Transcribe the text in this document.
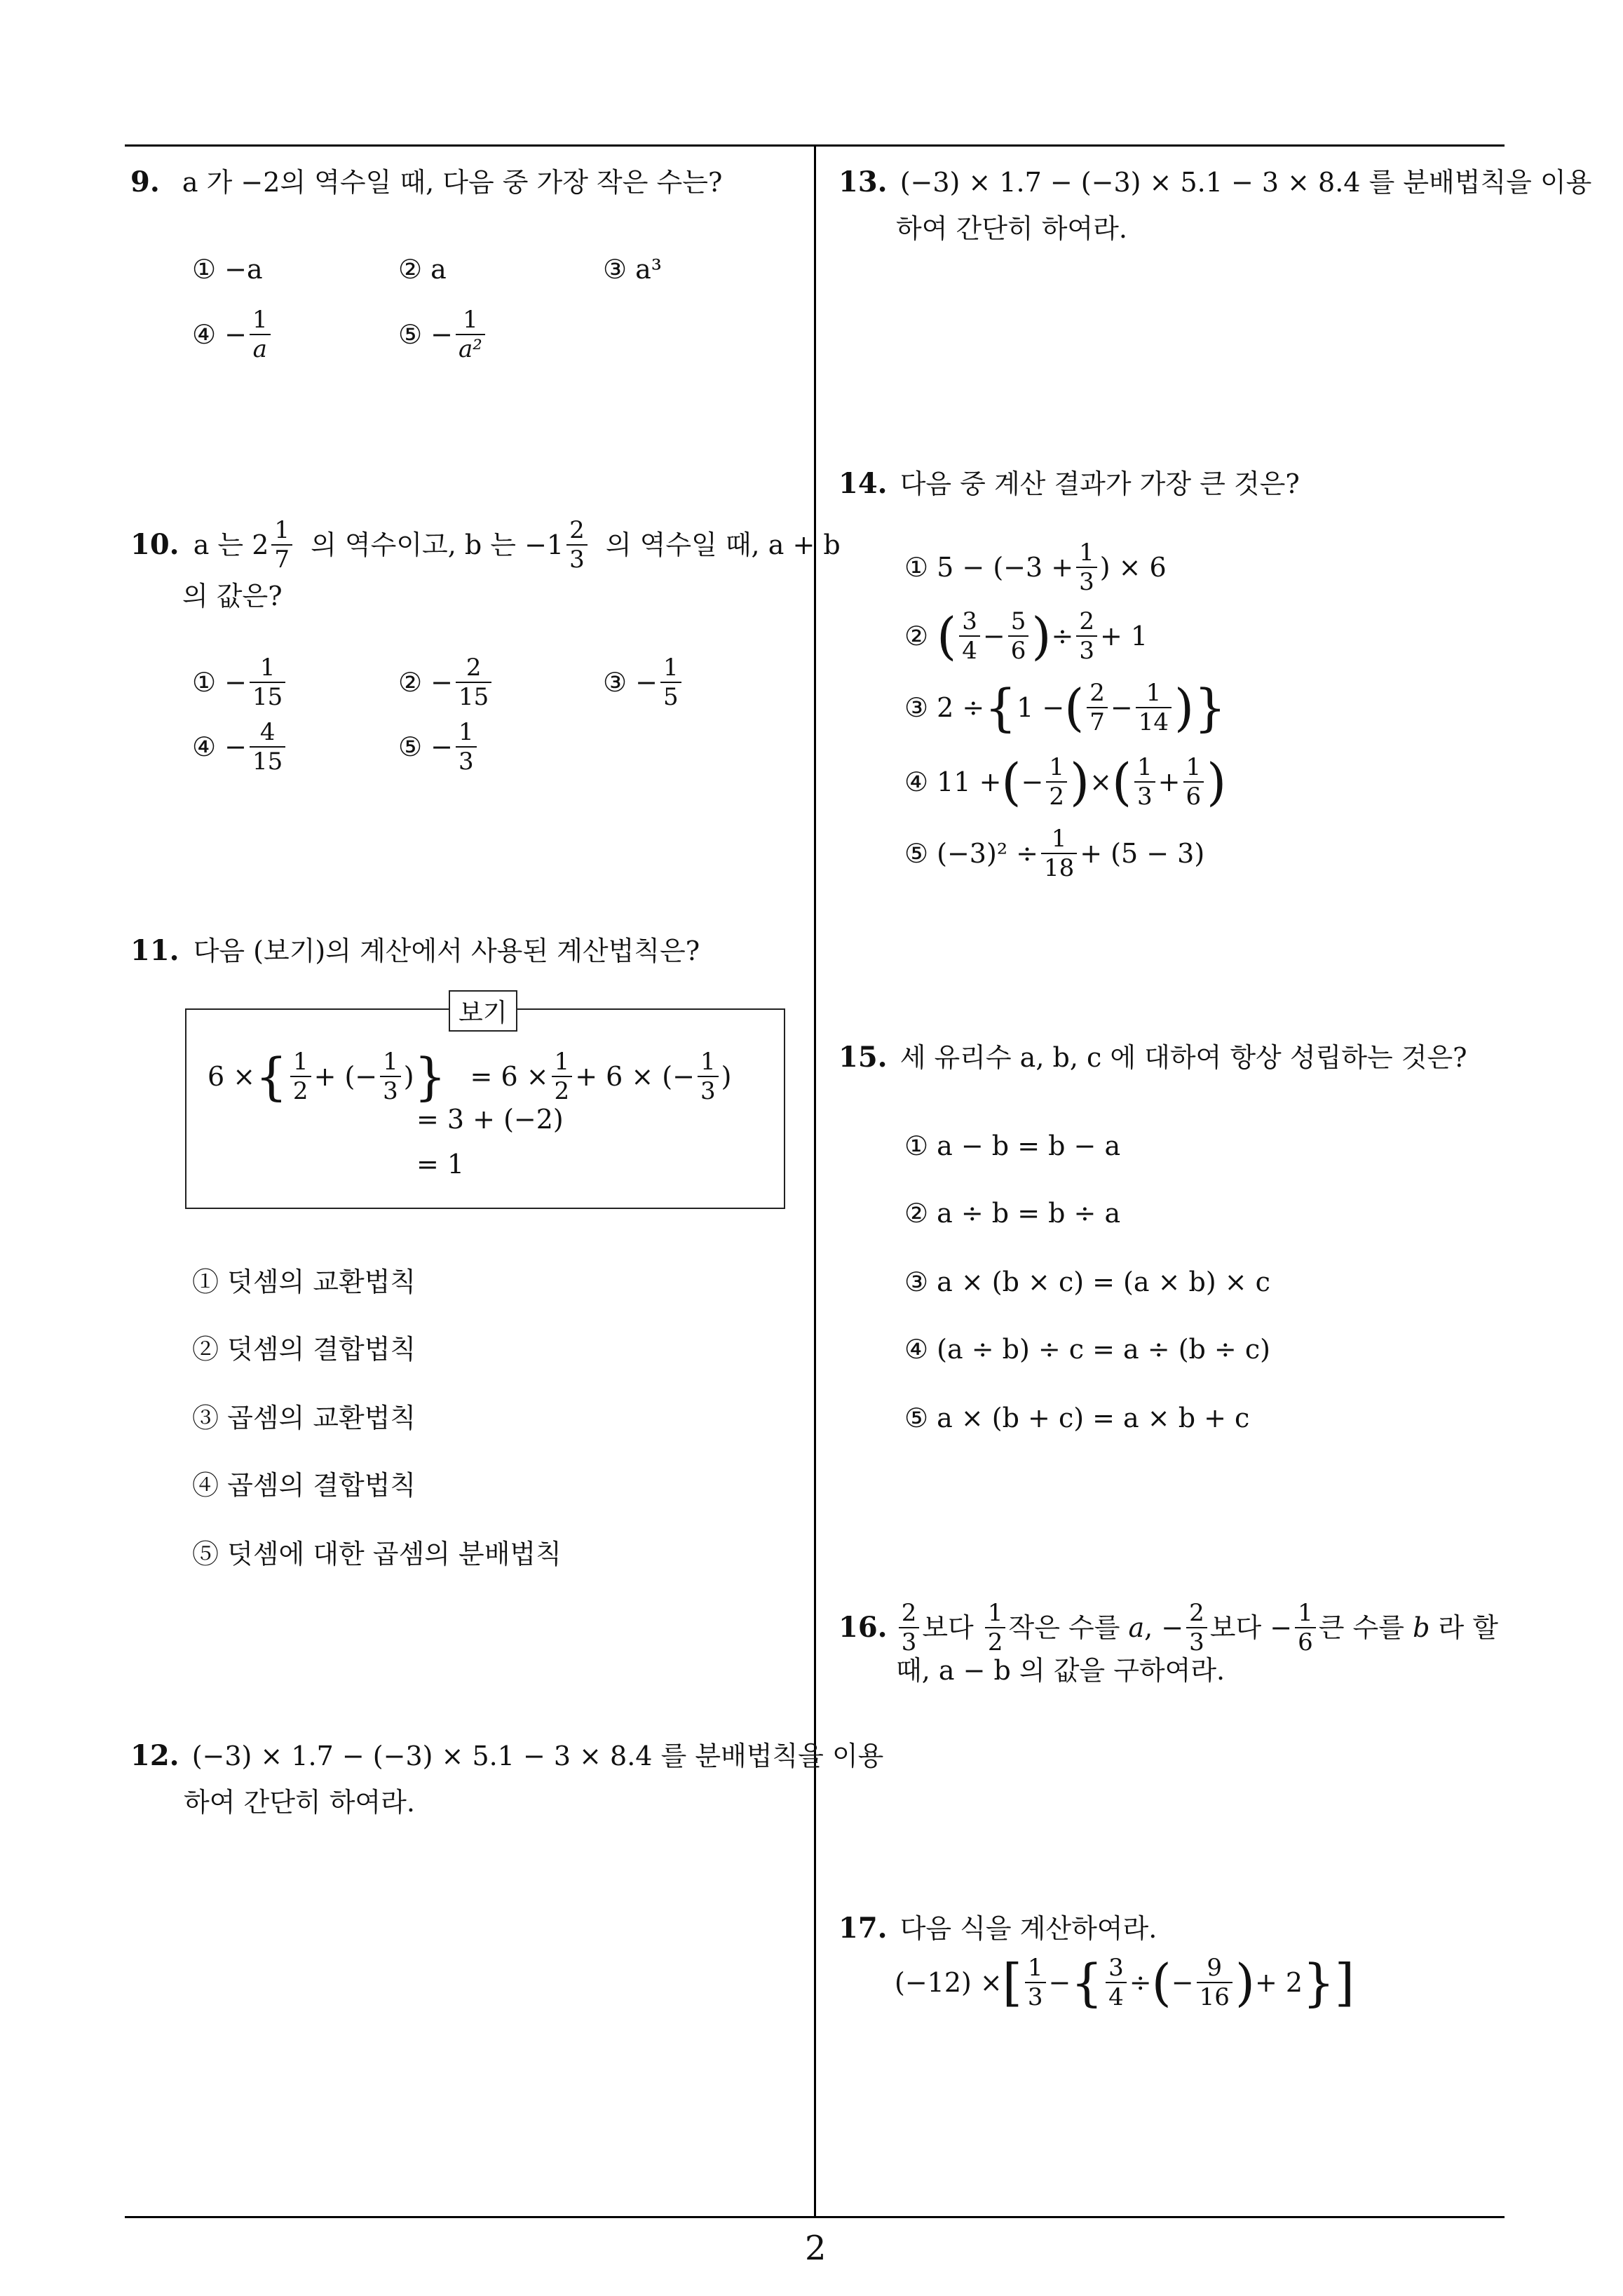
2
9. a 가 −2의 역수일 때, 다음 중 가장 작은 수는?
① −a	② a	③ a³
④ − $\frac{1}{a}$	⑤ − $\frac{1}{\text{a²}}$
10. a 는 $2 \frac{1}{7}$ 의 역수이고, b 는 $-1 \frac{2}{3}$ 의 역수일 때, a + b
의 값은?
① − $\frac{1}{15}$	② − $\frac{2}{15}$	③ − $\frac{1}{5}$
④ − $\frac{4}{15}$	⑤ − $\frac{1}{3}$
11. 다음 (보기)의 계산에서 사용된 계산법칙은?
보기
6 ×{ $\frac{1}{2}$ + (− $\frac{1}{3}$ )} = $6 \times \frac{1}{2} + 6$ × (− $\frac{1}{3}$ )
= 3 + (−2)
= 1
① 덧셈의 교환법칙
② 덧셈의 결합법칙
③ 곱셈의 교환법칙
④ 곱셈의 결합법칙
⑤ 덧셈에 대한 곱셈의 분배법칙
12. (−3) × 1.7 − (−3) × 5.1 − 3 × 8.4 를 분배법칙을 이용
하여 간단히 하여라.
13. (−3) × 1.7 − (−3) × 5.1 − 3 × 8.4 를 분배법칙을 이용
하여 간단히 하여라.
14. 다음 중 계산 결과가 가장 큰 것은?
① $5 - (-3 + \frac{1}{3}$ ) × 6
② ( $\frac{3}{4} - \frac{5}{6}$ )÷ $\frac{2}{3} + 1$
③ 2 ÷{1 −( $\frac{2}{7} - \frac{1}{14}$ )}
④ 11 +(− $\frac{1}{2}$ )×( $\frac{1}{3} + \frac{1}{6}$ )
⑤ $(-3)^2 \div \frac{1}{18} + (5 - 3)$
15. 세 유리수 a, b, c 에 대하여 항상 성립하는 것은?
① a − b = b − a
② a ÷ b = b ÷ a
③ a × (b × c) = (a × b) × c
④ (a ÷ b) ÷ c = a ÷ (b ÷ c)
⑤ a × (b + c) = a × b + c
16. $\frac{2}{3}$ 보다 $\frac{1}{2}$ 작은 수를 a, − $\frac{2}{3}$ 보다 − $\frac{1}{6}$ 큰 수를 b 라 할
때, a − b 의 값을 구하여라.
17. 다음 식을 계산하여라.
(−12) ×[ $\frac{1}{3}$ −{ $\frac{3}{4}$ ÷(− $\frac{9}{16}$ )+ 2}]
